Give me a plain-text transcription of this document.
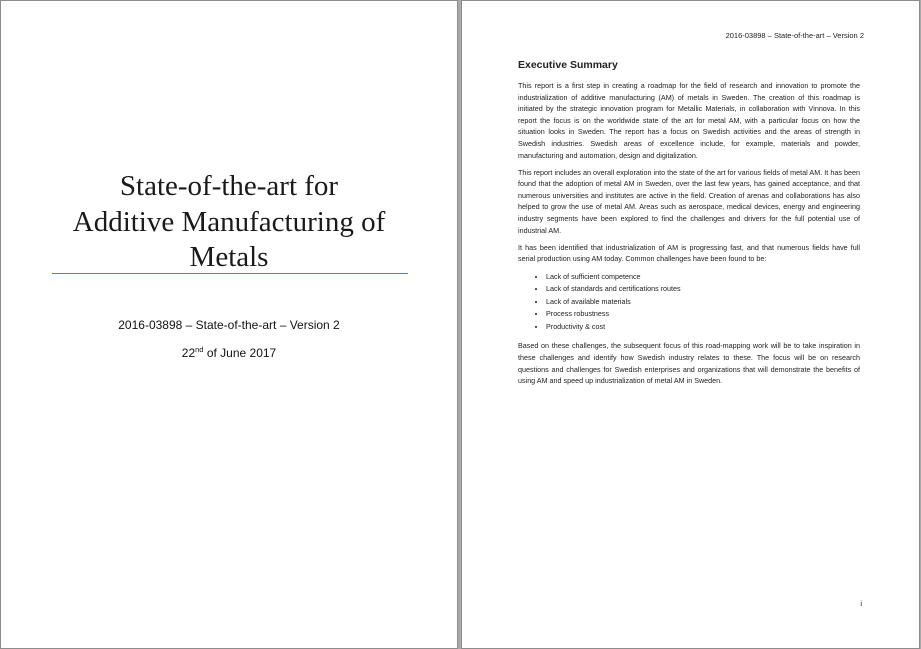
State-of-the-art for
Additive Manufacturing of
Metals
2016-03898 – State-of-the-art – Version 2
22nd of June 2017
2016-03898 – State-of-the-art – Version 2
Executive Summary

This report is a first step in creating a roadmap for the field of research and innovation to promote the industrialization of additive manufacturing (AM) of metals in Sweden. The creation of this roadmap is initiated by the strategic innovation program for Metallic Materials, in collaboration with Vinnova. In this report the focus is on the worldwide state of the art for metal AM, with a particular focus on how the situation looks in Sweden. The report has a focus on Swedish activities and the areas of strength in Swedish industries. Swedish areas of excellence include, for example, materials and powder, manufacturing and automation, design and digitalization.

This report includes an overall exploration into the state of the art for various fields of metal AM. It has been found that the adoption of metal AM in Sweden, over the last few years, has gained acceptance, and that numerous universities and institutes are active in the field. Creation of arenas and collaborations has also helped to grow the use of metal AM. Areas such as aerospace, medical devices, energy and engineering industry segments have been explored to find the challenges and drivers for the full potential use of industrial AM.

It has been identified that industrialization of AM is progressing fast, and that numerous fields have full serial production using AM today. Common challenges have been found to be:

• Lack of sufficient competence
• Lack of standards and certifications routes
• Lack of available materials
• Process robustness
• Productivity & cost

Based on these challenges, the subsequent focus of this road-mapping work will be to take inspiration in these challenges and identify how Swedish industry relates to these. The focus will be on research questions and challenges for Swedish enterprises and organizations that will demonstrate the benefits of using AM and speed up industrialization of metal AM in Sweden.

i
